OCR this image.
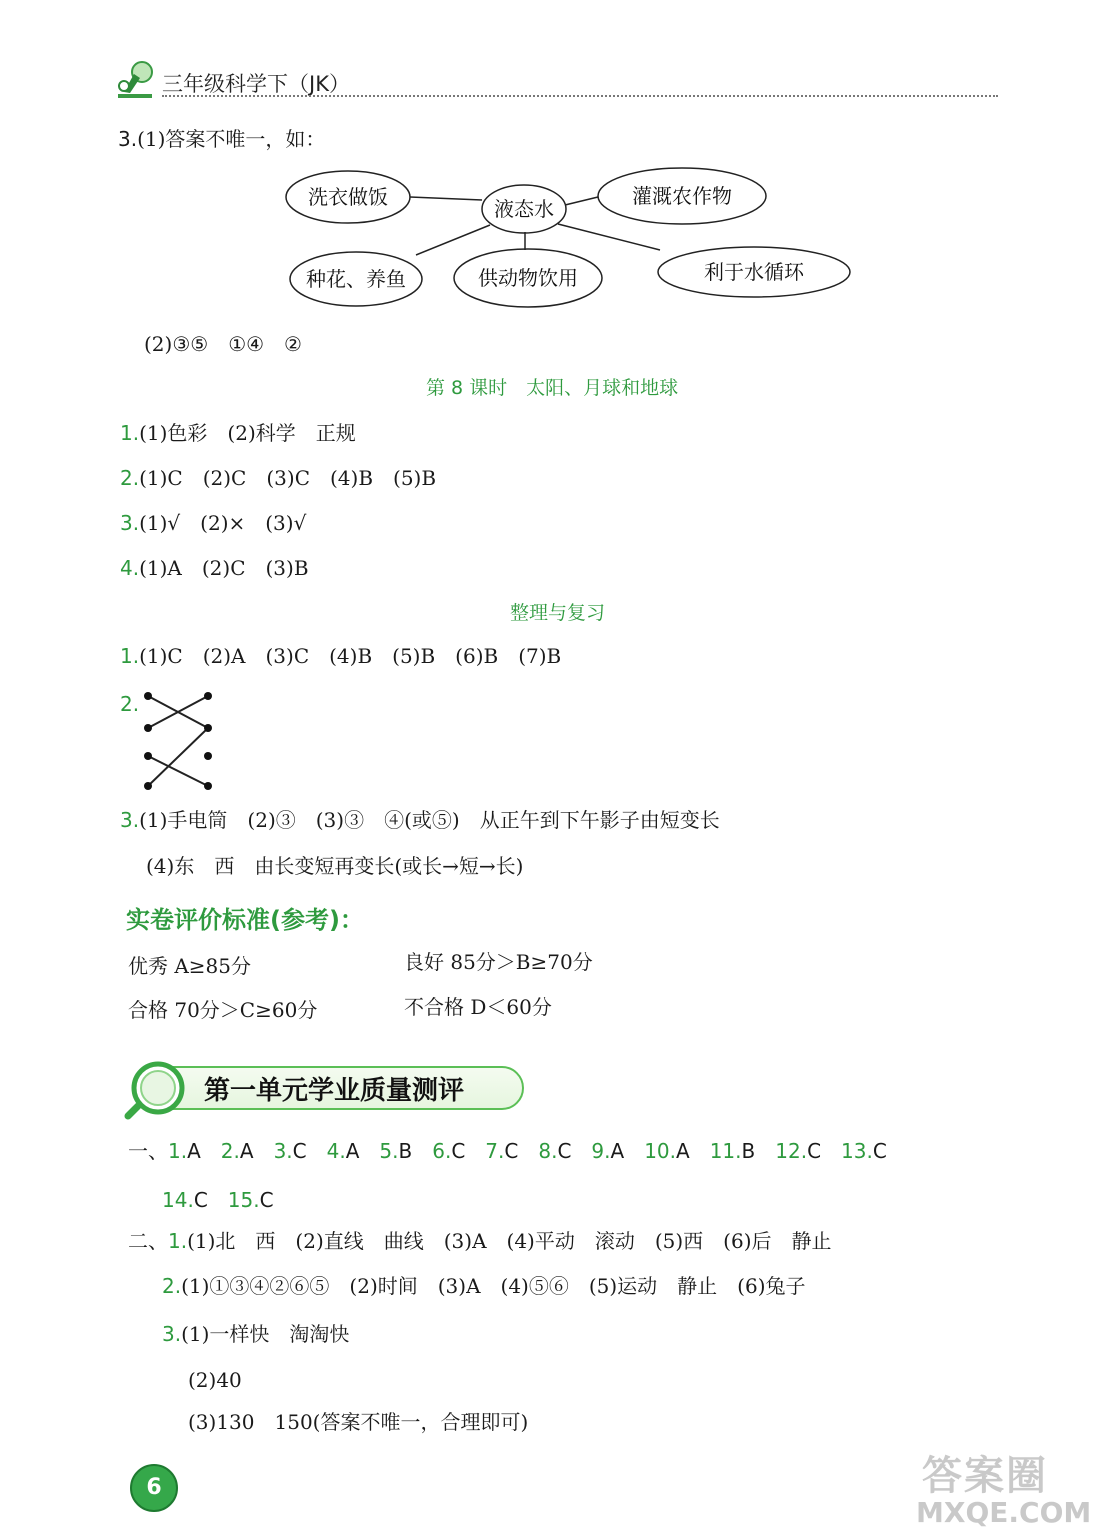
三年级科学下（JK）
3.(1)答案不唯一，如：
洗衣做饭	液态水
灌溉农作物
种花、养鱼	供动物饮用	利于水循环
(2)③⑤　①④　②
第 8 课时　太阳、月球和地球
1.(1)色彩　(2)科学　正规
2.(1)C　(2)C　(3)C　(4)B　(5)B
3.(1)√　(2)×　(3)√
4.(1)A　(2)C　(3)B
整理与复习
1.(1)C　(2)A　(3)C　(4)B　(5)B　(6)B　(7)B
2.
3.(1)手电筒　(2)③　(3)③　④(或⑤)　从正午到下午影子由短变长
(4)东　西　由长变短再变长(或长→短→长)
实卷评价标准(参考)：
优秀 A≥85分	良好 85分＞B≥70分
合格 70分＞C≥60分	不合格 D＜60分
第一单元学业质量测评
一、1.A　 2.A　 3.C　 4.A　 5.B　 6.C　 7.C　 8.C　 9.A　 10.A　 11.B　 12.C　 13.C
14.C　 15.C
二、1.(1)北　西　(2)直线　曲线　(3)A　(4)平动　滚动　(5)西　(6)后　静止
2.(1)①③④②⑥⑤　(2)时间　(3)A　(4)⑤⑥　(5)运动　静止　(6)兔子
3.(1)一样快　淘淘快
(2)40
(3)130　150(答案不唯一，合理即可)
6	答案圈
MXQE.COM
